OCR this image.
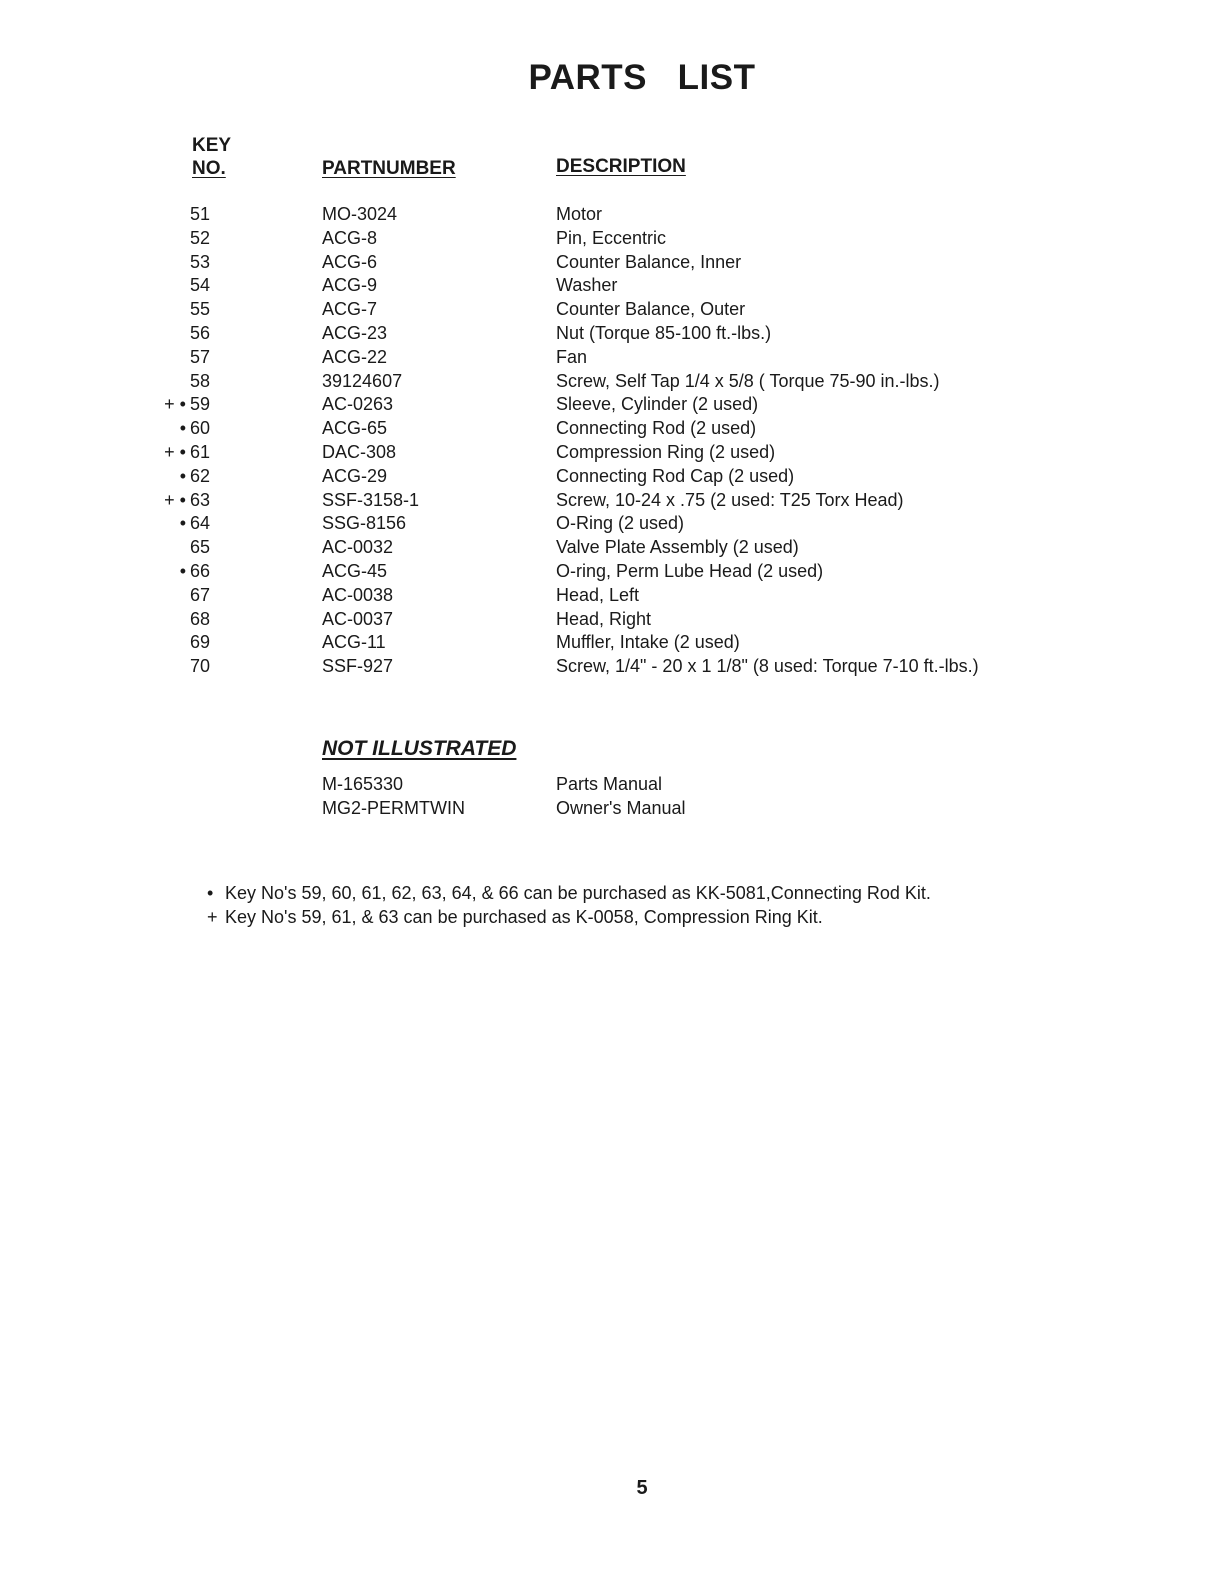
PARTS   LIST
KEY
NO.	PARTNUMBER	DESCRIPTION
51	MO-3024	Motor
52	ACG-8	Pin, Eccentric
53	ACG-6	Counter Balance, Inner
54	ACG-9	Washer
55	ACG-7	Counter Balance, Outer
56	ACG-23	Nut (Torque 85-100 ft.-lbs.)
57	ACG-22	Fan
58	39124607	Screw, Self Tap 1/4 x 5/8 ( Torque 75-90 in.-lbs.)
+ • 59	AC-0263	Sleeve, Cylinder (2 used)
• 60	ACG-65	Connecting Rod (2 used)
+ • 61	DAC-308	Compression Ring (2 used)
• 62	ACG-29	Connecting Rod Cap (2 used)
+ • 63	SSF-3158-1	Screw, 10-24 x .75 (2 used: T25 Torx Head)
• 64	SSG-8156	O-Ring (2 used)
65	AC-0032	Valve Plate Assembly (2 used)
• 66	ACG-45	O-ring, Perm Lube Head (2 used)
67	AC-0038	Head, Left
68	AC-0037	Head, Right
69	ACG-11	Muffler, Intake (2 used)
70	SSF-927	Screw, 1/4" - 20 x 1 1/8" (8 used: Torque 7-10 ft.-lbs.)
NOT ILLUSTRATED
M-165330	Parts Manual
MG2-PERMTWIN	Owner's Manual
• Key No's 59, 60, 61, 62, 63, 64, & 66 can be purchased as KK-5081,Connecting Rod Kit.
+ Key No's 59, 61, & 63 can be purchased as K-0058, Compression Ring Kit.
5
